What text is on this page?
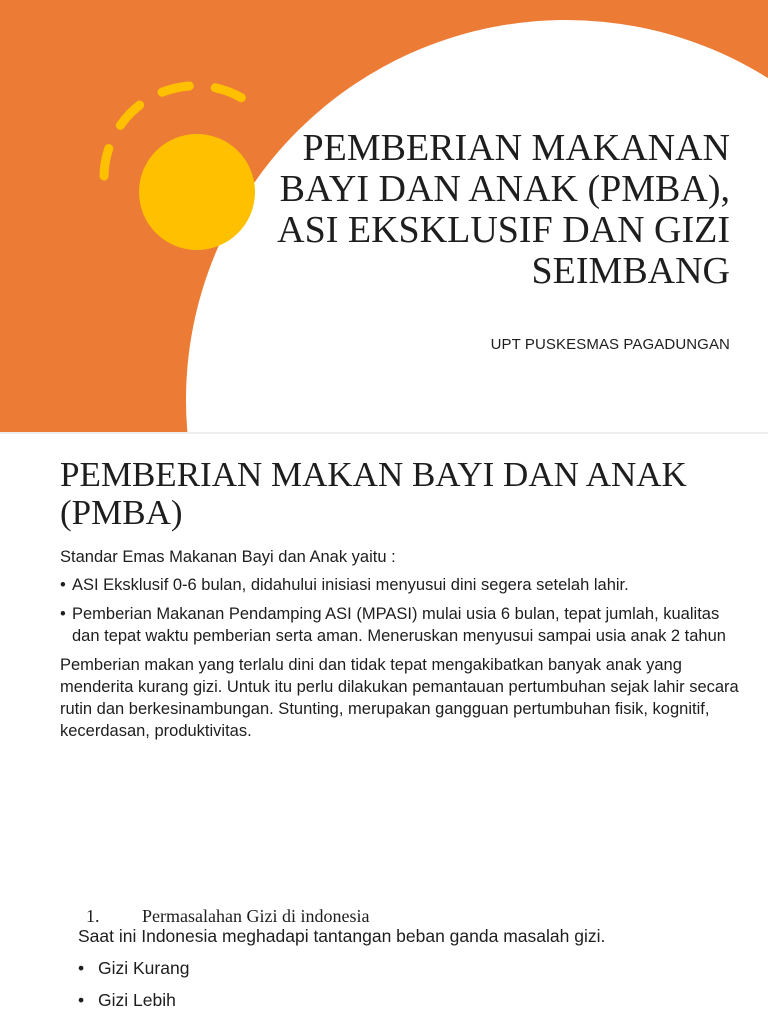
PEMBERIAN MAKANAN
BAYI DAN ANAK (PMBA),
ASI EKSKLUSIF DAN GIZI
SEIMBANG

UPT PUSKESMAS PAGADUNGAN

PEMBERIAN MAKAN BAYI DAN ANAK
(PMBA)

Standar Emas Makanan Bayi dan Anak yaitu :

• ASI Eksklusif 0-6 bulan, didahului inisiasi menyusui dini segera setelah lahir.
• Pemberian Makanan Pendamping ASI (MPASI) mulai usia 6 bulan, tepat jumlah, kualitas dan tepat waktu pemberian serta aman. Meneruskan menyusui sampai usia anak 2 tahun

Pemberian makan yang terlalu dini dan tidak tepat mengakibatkan banyak anak yang menderita kurang gizi. Untuk itu perlu dilakukan pemantauan pertumbuhan sejak lahir secara rutin dan berkesinambungan. Stunting, merupakan gangguan pertumbuhan fisik, kognitif, kecerdasan, produktivitas.

1. Permasalahan Gizi di indonesia

Saat ini Indonesia meghadapi tantangan beban ganda masalah gizi.

• Gizi Kurang
• Gizi Lebih
